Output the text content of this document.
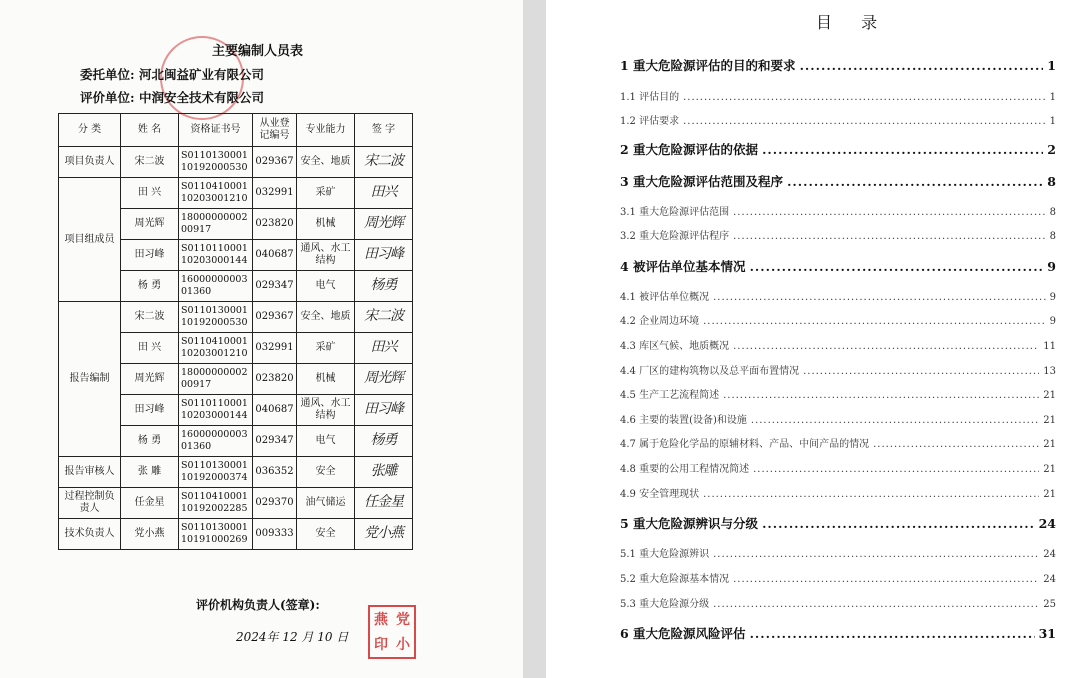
主要编制人员表
委托单位: 河北闽益矿业有限公司
评价单位: 中润安全技术有限公司
分 类	姓 名	资格证书号	从业登记编号	专业能力	签 字
项目负责人	宋二波	S011013000110192000530	029367	安全、地质	宋二波
项目组成员	田 兴	S011041000110203001210	032991	采矿	田兴
	周光辉	1800000000200917	023820	机械	周光辉
	田习峰	S011011000110203000144	040687	通风、水工结构	田习峰
	杨 勇	1600000000301360	029347	电气	杨勇
报告编制	宋二波	S011013000110192000530	029367	安全、地质	宋二波
	田 兴	S011041000110203001210	032991	采矿	田兴
	周光辉	1800000000200917	023820	机械	周光辉
	田习峰	S011011000110203000144	040687	通风、水工结构	田习峰
	杨 勇	1600000000301360	029347	电气	杨勇
报告审核人	张 雕	S011013000110192000374	036352	安全	张雕
过程控制负责人	任金星	S011041000110192002285	029370	油气储运	任金星
技术负责人	党小燕	S011013000110191000269	009333	安全	党小燕
评价机构负责人(签章):
2024年 12 月 10 日
燕 党
印 小
目 录
1 重大危险源评估的目的和要求 .....	1
1.1 评估目的 .....	1
1.2 评估要求 .....	1
2 重大危险源评估的依据 .....	2
3 重大危险源评估范围及程序 .....	8
3.1 重大危险源评估范围 .....	8
3.2 重大危险源评估程序 .....	8
4 被评估单位基本情况 .....	9
4.1 被评估单位概况 .....	9
4.2 企业周边环境 .....	9
4.3 库区气候、地质概况 .....	11
4.4 厂区的建构筑物以及总平面布置情况 .....	13
4.5 生产工艺流程简述 .....	21
4.6 主要的装置(设备)和设施 .....	21
4.7 属于危险化学品的原辅材料、产品、中间产品的情况 .....	21
4.8 重要的公用工程情况简述 .....	21
4.9 安全管理现状 .....	21
5 重大危险源辨识与分级 .....	24
5.1 重大危险源辨识 .....	24
5.2 重大危险源基本情况 .....	24
5.3 重大危险源分级 .....	25
6 重大危险源风险评估 .....	31
